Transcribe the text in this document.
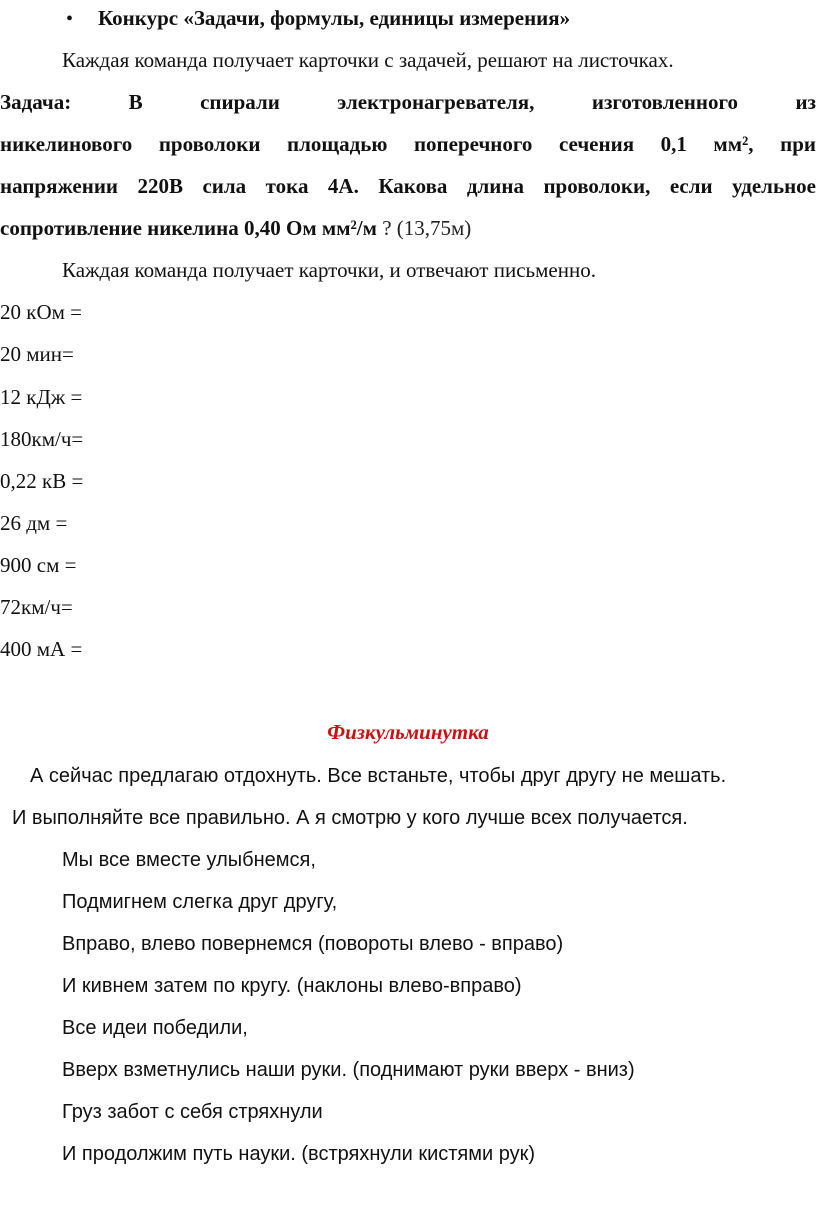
• Конкурс «Задачи, формулы, единицы измерения»
Каждая команда получает карточки с задачей, решают на листочках.
Задача: В спирали электронагревателя, изготовленного из
никелинового проволоки площадью поперечного сечения 0,1 мм², при
напряжении 220В сила тока 4А. Какова длина проволоки, если удельное
сопротивление никелина 0,40 Ом мм²/м ? (13,75м)
Каждая команда получает карточки, и отвечают письменно.
20 кОм =
20 мин=
12 кДж =
180км/ч=
0,22 кВ =
26 дм =
900 см =
72км/ч=
400 мА =
Физкульминутка
А сейчас предлагаю отдохнуть. Все встаньте, чтобы друг другу не мешать.
И выполняйте все правильно. А я смотрю у кого лучше всех получается.
Мы все вместе улыбнемся,
Подмигнем слегка друг другу,
Вправо, влево повернемся (повороты влево - вправо)
И кивнем затем по кругу. (наклоны влево-вправо)
Все идеи победили,
Вверх взметнулись наши руки. (поднимают руки вверх - вниз)
Груз забот с себя стряхнули
И продолжим путь науки. (встряхнули кистями рук)
